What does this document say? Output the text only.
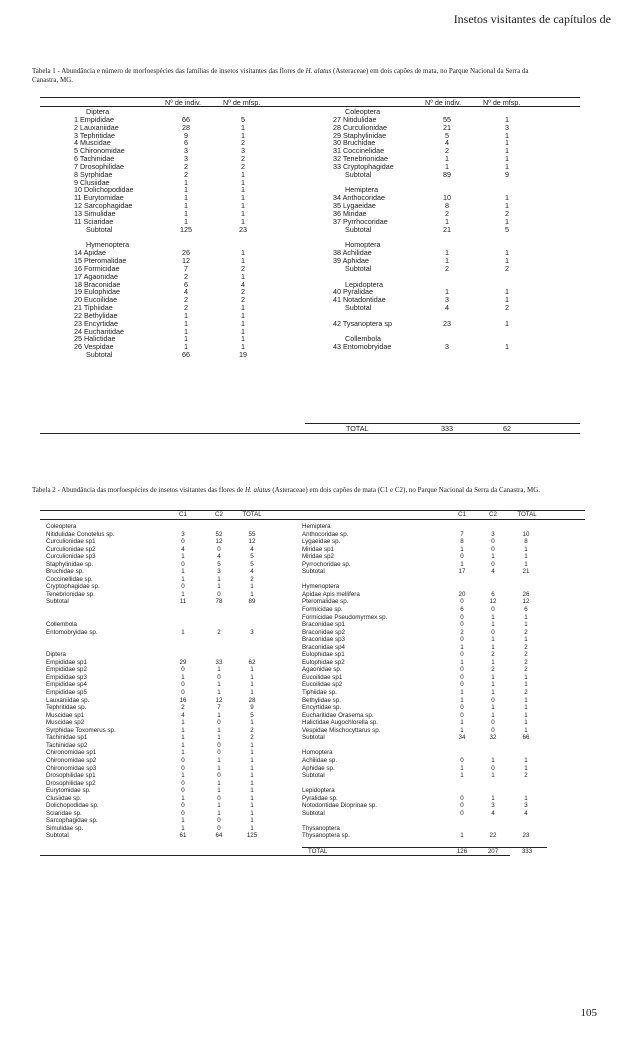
Insetos visitantes de capítulos de
Tabela 1 - Abundância e número de morfoespécies das famílias de insetos visitantes das flores de H. alatus (Asteraceae) em dois capões de mata, no Parque Nacional da Serra da Canastra, MG.
Nº de indiv.	Nº de mfsp.	Nº de indiv.	Nº de mfsp.
Diptera
1 Empididae	66	5
2 Lauxaniidae	28	1
3 Tephritidae	9	1
4 Muscidae	6	2
5 Chironomidae	3	3
6 Tachinidae	3	2
7 Drosophilidae	2	2
8 Syrphidae	2	1
9 Clusiidae	1	1
10 Dolichopodidae	1	1
11 Eurytomidae	1	1
12 Sarcophagidae	1	1
13 Simulidae	1	1
11 Sciaridae	1	1
Subtotal	125	23
Hymenoptera
14 Apidae	26	1
15 Pteromalidae	12	1
16 Formicidae	7	2
17 Agaonidae	2	1
18 Braconidae	6	4
19 Eulophidae	4	2
20 Eucoilidae	2	2
21 Tiphiidae	2	1
22 Bethylidae	1	1
23 Encyrtidae	1	1
24 Eucharitidae	1	1
25 Halictidae	1	1
26 Vespidae	1	1
Subtotal	66	19
Coleoptera
27 Nitidulidae	55	1
28 Curculionidae	21	3
29 Staphylinidae	5	1
30 Bruchidae	4	1
31 Coccinelidae	2	1
32 Tenebrionidae	1	1
33 Cryptophagidae	1	1
Subtotal	89	9
Hemiptera
34 Anthocoridae	10	1
35 Lygaeidae	8	1
36 Miridae	2	2
37 Pyrrhocoridae	1	1
Subtotal	21	5
Homoptera
38 Achilidae	1	1
39 Aphidae	1	1
Subtotal	2	2
Lepidoptera
40 Pyralidae	1	1
41 Notadontidae	3	1
Subtotal	4	2
42 Tysanoptera sp	23	1
Collembola
43 Entomobryidae	3	1
TOTAL	333	62
Tabela 2 - Abundância das morfoespécies de insetos visitantes das flores de H. alatus (Asteraceae) em dois capões de mata (C1 e C2), no Parque Nacional da Serra da Canastra, MG.
C1	C2	TOTAL	C1	C2	TOTAL
Coleoptera
Nitidulidae Conotelus sp.	3	52	55
Curculionidae sp1	0	12	12
Curculionidae sp2	4	0	4
Curculionidae sp3	1	4	5
Staphylinidae sp.	0	5	5
Bruchidae sp.	1	3	4
Coccinellidae sp.	1	1	2
Cryptophagidae sp.	0	1	1
Tenebrionidae sp.	1	0	1
Subtotal	11	78	89
Collembola
Entomobryidae sp.	1	2	3
Diptera
Empididae sp1	29	33	62
Empididae sp2	0	1	1
Empididae sp3	1	0	1
Empididae sp4	0	1	1
Empididae sp5	0	1	1
Lauxaniidae sp.	16	12	28
Tephritidae sp.	2	7	9
Muscidae sp1	4	1	5
Muscidae sp2	1	0	1
Syrphidae Toxomerus sp.	1	1	2
Tachinidae sp1	1	1	2
Tachinidae sp2	1	0	1
Chironomidae sp1	1	0	1
Chironomidae sp2	0	1	1
Chironomidae sp3	0	1	1
Drosophilidae sp1	1	0	1
Drosophilidae sp2	0	1	1
Eurytomidae sp.	0	1	1
Clusiidae sp.	1	0	1
Dolichopodidae sp.	0	1	1
Sciaridae sp.	0	1	1
Sarcophagidae sp.	1	0	1
Simulidae sp.	1	0	1
Subtotal	61	64	125
Hemiptera
Anthocoridae sp.	7	3	10
Lygaeidae sp.	8	0	8
Miridae sp1	1	0	1
Miridae sp2	0	1	1
Pyrrochoridae sp.	1	0	1
Subtotal	17	4	21
Hymenoptera
Apidae Apis mellifera	20	6	26
Pteromalidae sp.	0	12	12
Formicidae sp.	6	0	6
Formicidae Pseudomyrmex sp.	0	1	1
Braconidae sp1	0	1	1
Braconidae sp2	2	0	2
Braconidae sp3	0	1	1
Braconidae sp4	1	1	2
Eulophidae sp1	0	2	2
Eulophidae sp2	1	1	2
Agaonidae sp.	0	2	2
Eucoilidae sp1	0	1	1
Eucoilidae sp2	0	1	1
Tiphiidae sp.	1	1	2
Bethylidae sp.	1	0	1
Encyrtidae sp.	0	1	1
Eucharitidae Orasema sp.	0	1	1
Halictidae Augochlorella sp.	1	0	1
Vespidae Mischocyttarus sp.	1	0	1
Subtotal	34	32	66
Homoptera
Achilidae sp.	0	1	1
Aphidae sp.	1	0	1
Subtotal	1	1	2
Lepidoptera
Pyralidae sp.	0	1	1
Notodontidae Dioprinae sp.	0	3	3
Subtotal	0	4	4
Thysanoptera
Thysanoptera sp.	1	22	23
TOTAL	126	207	333
105
